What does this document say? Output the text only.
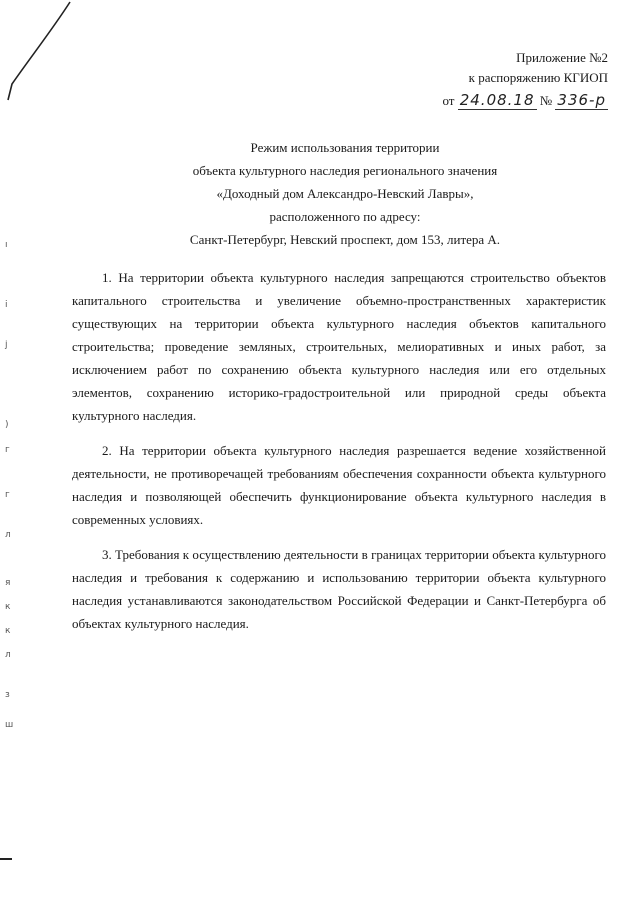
ı
і
ј
)
г
г
л
я
к
к
л
з
ш
Приложение №2
к распоряжению КГИОП
от 24.08.18 № 336-р
Режим использования территории
объекта культурного наследия регионального значения
«Доходный дом Александро-Невский Лавры»,
расположенного по адресу:
Санкт-Петербург, Невский проспект, дом 153, литера А.

1. На территории объекта культурного наследия запрещаются строительство объектов капитального строительства и увеличение объемно-пространственных характеристик существующих на территории объекта культурного наследия объектов капитального строительства; проведение земляных, строительных, мелиоративных и иных работ, за исключением работ по сохранению объекта культурного наследия или его отдельных элементов, сохранению историко-градостроительной или природной среды объекта культурного наследия.

2. На территории объекта культурного наследия разрешается ведение хозяйственной деятельности, не противоречащей требованиям обеспечения сохранности объекта культурного наследия и позволяющей обеспечить функционирование объекта культурного наследия в современных условиях.

3. Требования к осуществлению деятельности в границах территории объекта культурного наследия и требования к содержанию и использованию территории объекта культурного наследия устанавливаются законодательством Российской Федерации и Санкт-Петербурга об объектах культурного наследия.
